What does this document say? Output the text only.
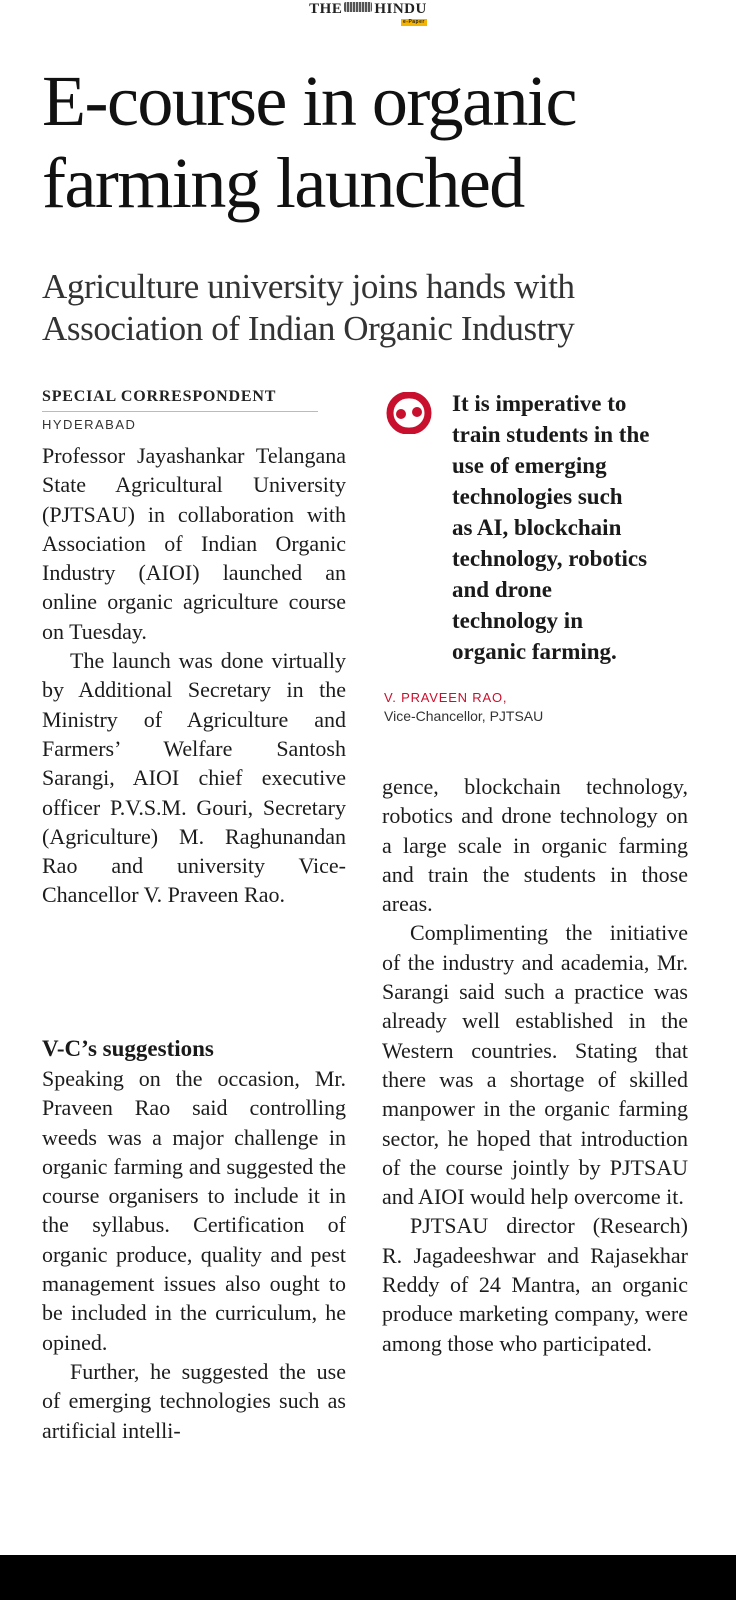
THE HINDU
e-Paper
E-course in organic
farming launched
Agriculture university joins hands with
Association of Indian Organic Industry
SPECIAL CORRESPONDENT
HYDERABAD

Professor Jayashankar Telangana State Agricultural University (PJTSAU) in collaboration with Association of Indian Organic Industry (AIOI) launched an online organic agriculture course on Tuesday.

The launch was done virtually by Additional Secretary in the Ministry of Agriculture and Farmers’ Welfare Santosh Sarangi, AIOI chief executive officer P.V.S.M. Gouri, Secretary (Agriculture) M. Raghunandan Rao and university Vice-Chancellor V. Praveen Rao.

V-C’s suggestions

Speaking on the occasion, Mr. Praveen Rao said controlling weeds was a major challenge in organic farming and suggested the course organisers to include it in the syllabus. Certification of organic produce, quality and pest management issues also ought to be included in the curriculum, he opined.

Further, he suggested the use of emerging technologies such as artificial intelli-

It is imperative to
train students in the
use of emerging
technologies such
as AI, blockchain
technology, robotics
and drone
technology in
organic farming.
V. PRAVEEN RAO,
Vice-Chancellor, PJTSAU

gence, blockchain technology, robotics and drone technology on a large scale in organic farming and train the students in those areas.

Complimenting the initiative of the industry and academia, Mr. Sarangi said such a practice was already well established in the Western countries. Stating that there was a shortage of skilled manpower in the organic farming sector, he hoped that introduction of the course jointly by PJTSAU and AIOI would help overcome it.

PJTSAU director (Research) R. Jagadeeshwar and Rajasekhar Reddy of 24 Mantra, an organic produce marketing company, were among those who participated.
